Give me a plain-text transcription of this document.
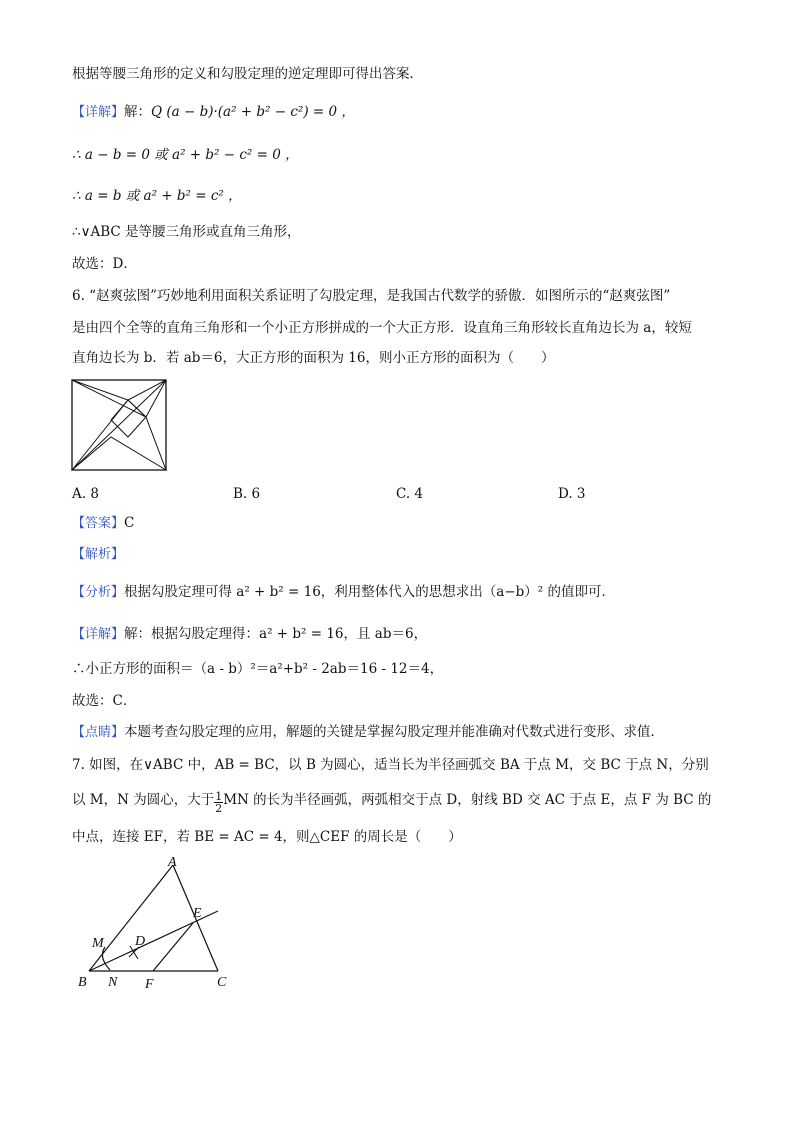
根据等腰三角形的定义和勾股定理的逆定理即可得出答案．
【详解】解：Q (a − b)·(a² + b² − c²) = 0 ，
∴ a − b = 0 或 a² + b² − c² = 0 ，
∴ a = b 或 a² + b² = c² ，
∴∨ABC 是等腰三角形或直角三角形，
故选：D．
6. “赵爽弦图”巧妙地利用面积关系证明了勾股定理，是我国古代数学的骄傲．如图所示的“赵爽弦图”
是由四个全等的直角三角形和一个小正方形拼成的一个大正方形．设直角三角形较长直角边长为 a，较短
直角边长为 b．若 ab＝6，大正方形的面积为 16，则小正方形的面积为（　　）
A. 8	B. 6	C. 4	D. 3
【答案】C
【解析】
【分析】根据勾股定理可得 a² + b² = 16，利用整体代入的思想求出（a−b）² 的值即可．
【详解】解：根据勾股定理得：a² + b² = 16，且 ab＝6，
∴小正方形的面积＝（a - b）²＝a²+b² - 2ab＝16 - 12＝4，
故选：C．
【点睛】本题考查勾股定理的应用，解题的关键是掌握勾股定理并能准确对代数式进行变形、求值．
7. 如图，在∨ABC 中，AB = BC，以 B 为圆心，适当长为半径画弧交 BA 于点 M，交 BC 于点 N，分别
以 M，N 为圆心，大于 $\frac{1}{2}$ MN 的长为半径画弧，两弧相交于点 D，射线 BD 交 AC 于点 E，点 F 为 BC 的
中点，连接 EF，若 BE = AC = 4，则△CEF 的周长是（　　）
A
B	C
D
E
F
M
N
